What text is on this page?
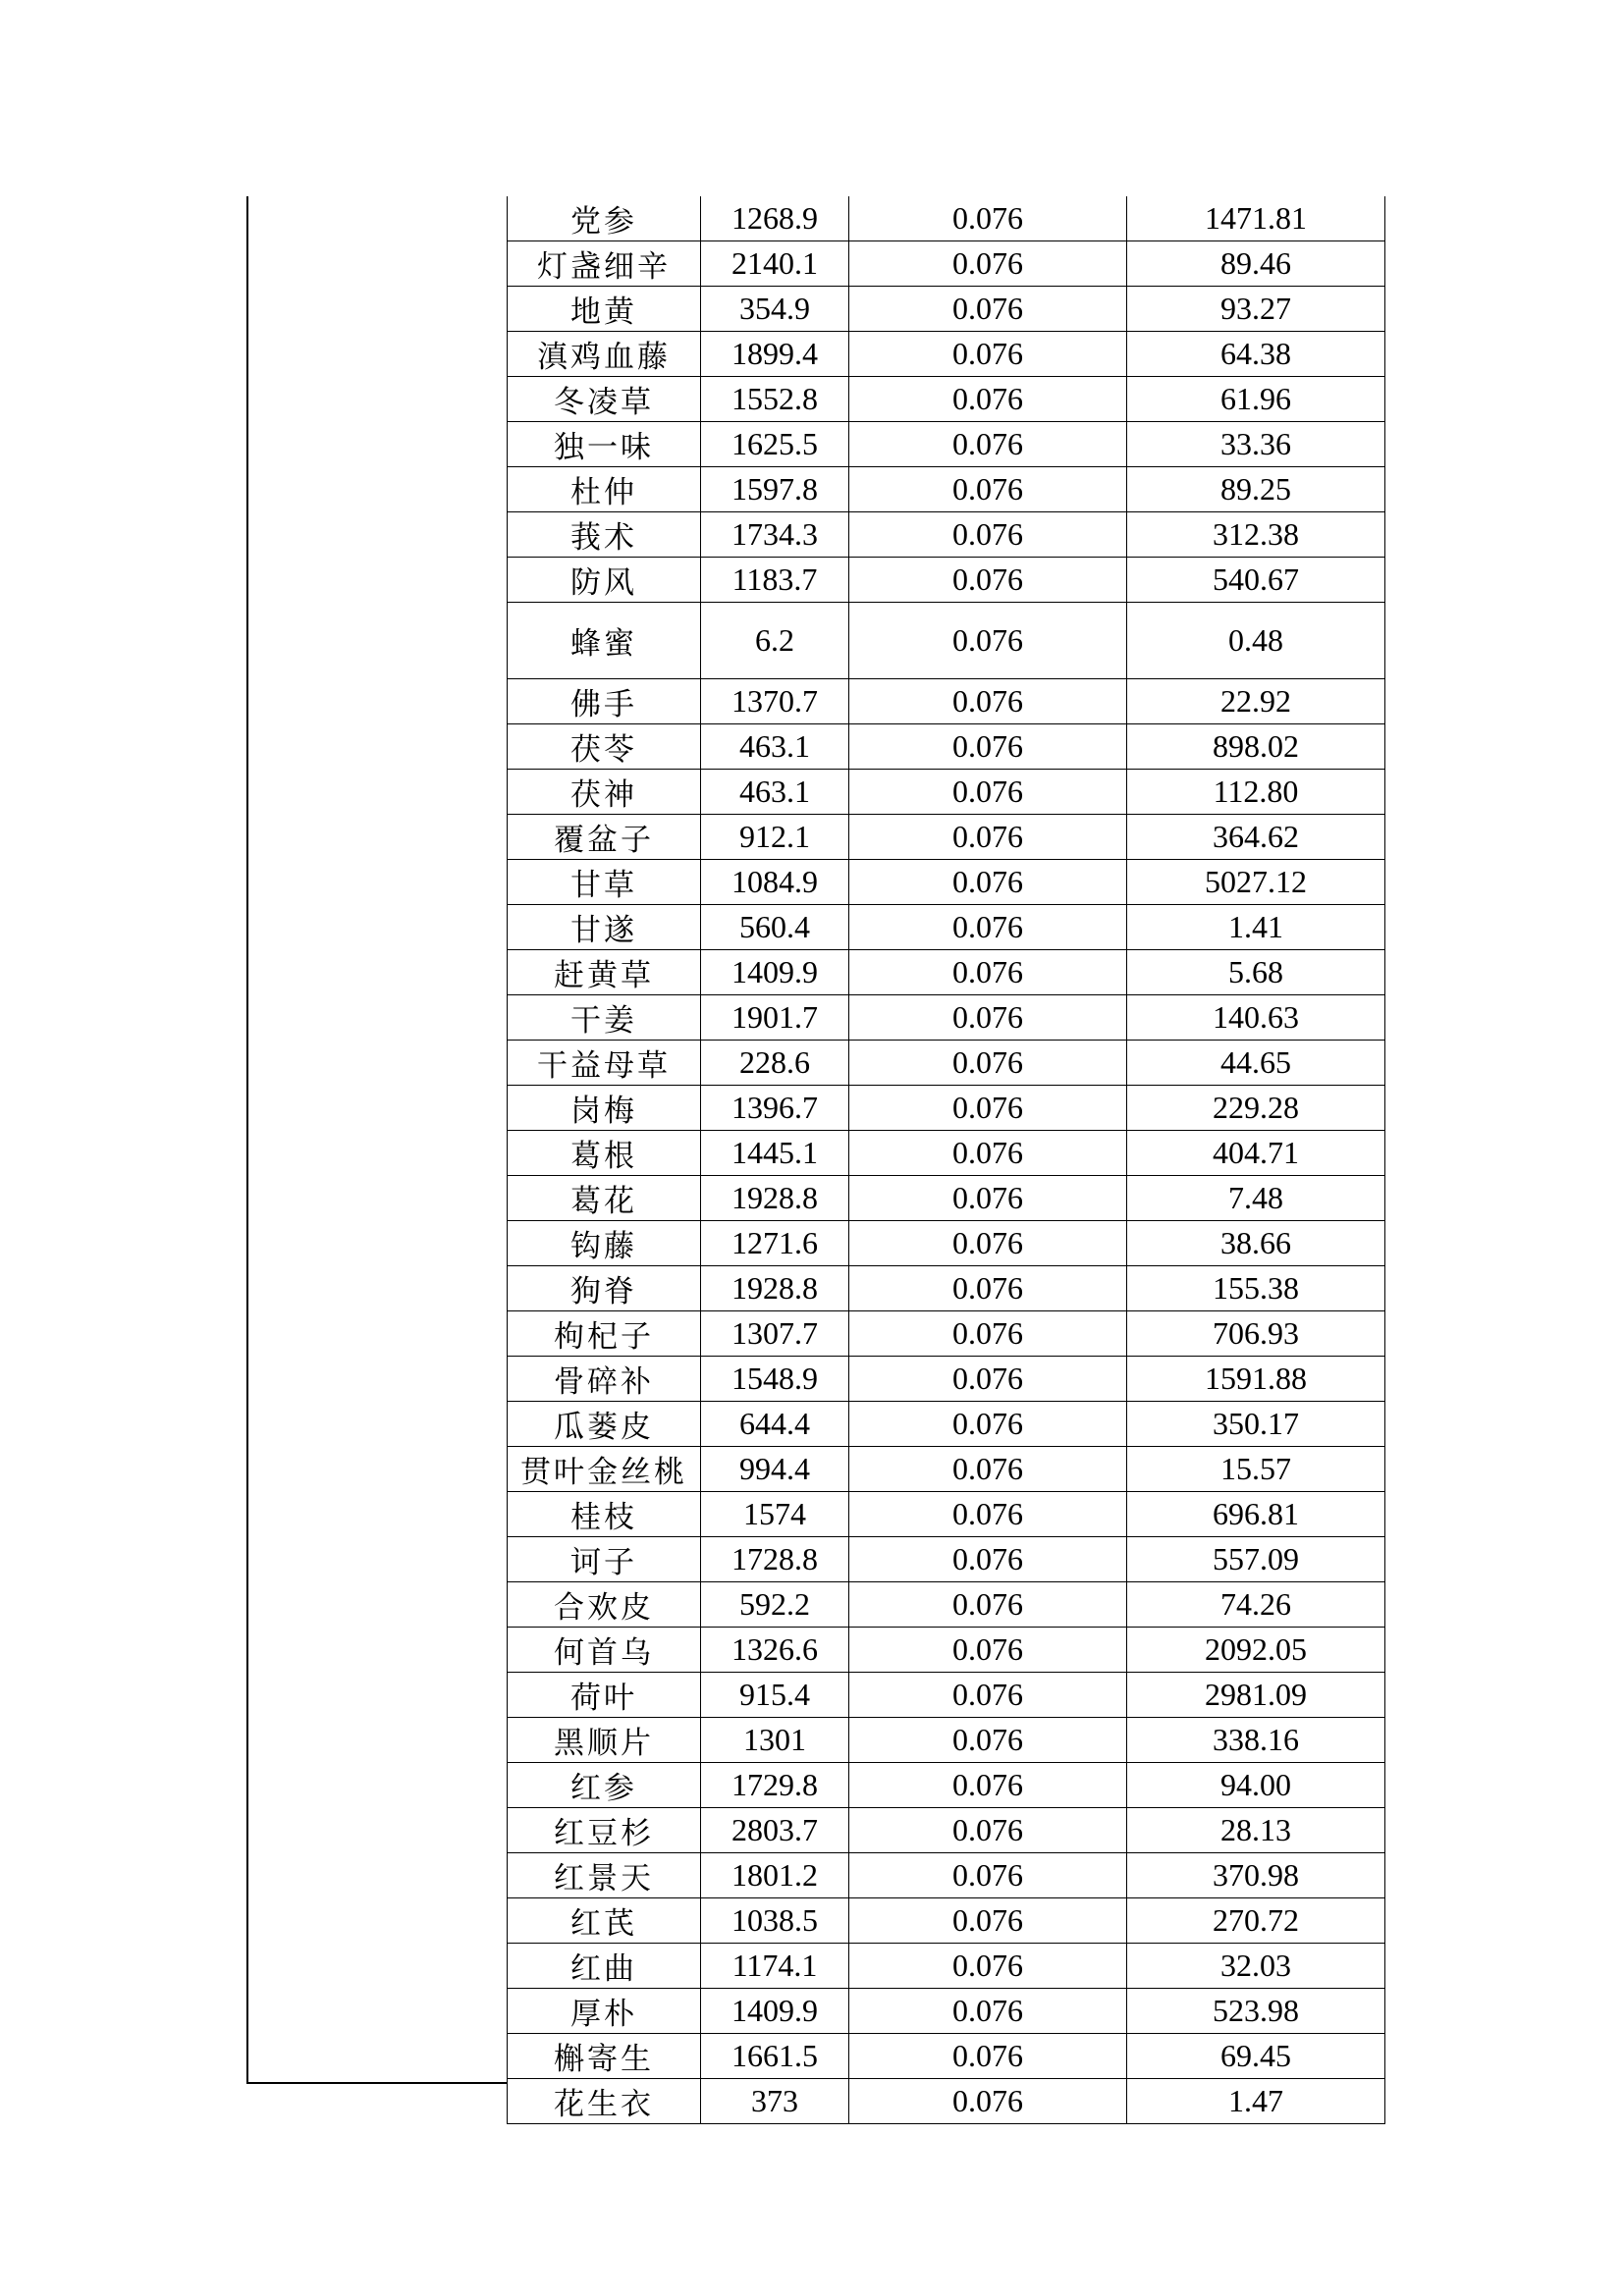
党参	1268.9	0.076	1471.81
灯盏细辛	2140.1	0.076	89.46
地黄	354.9	0.076	93.27
滇鸡血藤	1899.4	0.076	64.38
冬凌草	1552.8	0.076	61.96
独一味	1625.5	0.076	33.36
杜仲	1597.8	0.076	89.25
莪术	1734.3	0.076	312.38
防风	1183.7	0.076	540.67
蜂蜜	6.2	0.076	0.48
佛手	1370.7	0.076	22.92
茯苓	463.1	0.076	898.02
茯神	463.1	0.076	112.80
覆盆子	912.1	0.076	364.62
甘草	1084.9	0.076	5027.12
甘遂	560.4	0.076	1.41
赶黄草	1409.9	0.076	5.68
干姜	1901.7	0.076	140.63
干益母草	228.6	0.076	44.65
岗梅	1396.7	0.076	229.28
葛根	1445.1	0.076	404.71
葛花	1928.8	0.076	7.48
钩藤	1271.6	0.076	38.66
狗脊	1928.8	0.076	155.38
枸杞子	1307.7	0.076	706.93
骨碎补	1548.9	0.076	1591.88
瓜蒌皮	644.4	0.076	350.17
贯叶金丝桃	994.4	0.076	15.57
桂枝	1574	0.076	696.81
诃子	1728.8	0.076	557.09
合欢皮	592.2	0.076	74.26
何首乌	1326.6	0.076	2092.05
荷叶	915.4	0.076	2981.09
黑顺片	1301	0.076	338.16
红参	1729.8	0.076	94.00
红豆杉	2803.7	0.076	28.13
红景天	1801.2	0.076	370.98
红芪	1038.5	0.076	270.72
红曲	1174.1	0.076	32.03
厚朴	1409.9	0.076	523.98
槲寄生	1661.5	0.076	69.45
花生衣	373	0.076	1.47
